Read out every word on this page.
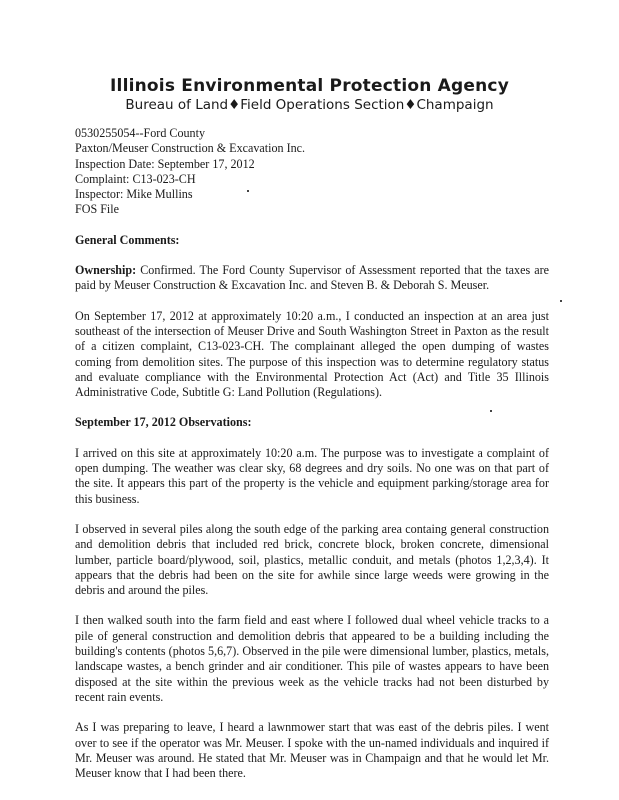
Illinois Environmental Protection Agency
Bureau of Land♦Field Operations Section♦Champaign
0530255054--Ford County
Paxton/Meuser Construction & Excavation Inc.
Inspection Date: September 17, 2012
Complaint: C13-023-CH
Inspector: Mike Mullins
FOS File
General Comments:
Ownership: Confirmed. The Ford County Supervisor of Assessment reported that the taxes are paid by Meuser Construction & Excavation Inc. and Steven B. & Deborah S. Meuser.
On September 17, 2012 at approximately 10:20 a.m., I conducted an inspection at an area just southeast of the intersection of Meuser Drive and South Washington Street in Paxton as the result of a citizen complaint, C13-023-CH. The complainant alleged the open dumping of wastes coming from demolition sites. The purpose of this inspection was to determine regulatory status and evaluate compliance with the Environmental Protection Act (Act) and Title 35 Illinois Administrative Code, Subtitle G: Land Pollution (Regulations).
September 17, 2012 Observations:
I arrived on this site at approximately 10:20 a.m. The purpose was to investigate a complaint of open dumping. The weather was clear sky, 68 degrees and dry soils. No one was on that part of the site. It appears this part of the property is the vehicle and equipment parking/storage area for this business.
I observed in several piles along the south edge of the parking area containg general construction and demolition debris that included red brick, concrete block, broken concrete, dimensional lumber, particle board/plywood, soil, plastics, metallic conduit, and metals (photos 1,2,3,4). It appears that the debris had been on the site for awhile since large weeds were growing in the debris and around the piles.
I then walked south into the farm field and east where I followed dual wheel vehicle tracks to a pile of general construction and demolition debris that appeared to be a building including the building's contents (photos 5,6,7). Observed in the pile were dimensional lumber, plastics, metals, landscape wastes, a bench grinder and air conditioner. This pile of wastes appears to have been disposed at the site within the previous week as the vehicle tracks had not been disturbed by recent rain events.
As I was preparing to leave, I heard a lawnmower start that was east of the debris piles. I went over to see if the operator was Mr. Meuser. I spoke with the un-named individuals and inquired if Mr. Meuser was around. He stated that Mr. Meuser was in Champaign and that he would let Mr. Meuser know that I had been there.
